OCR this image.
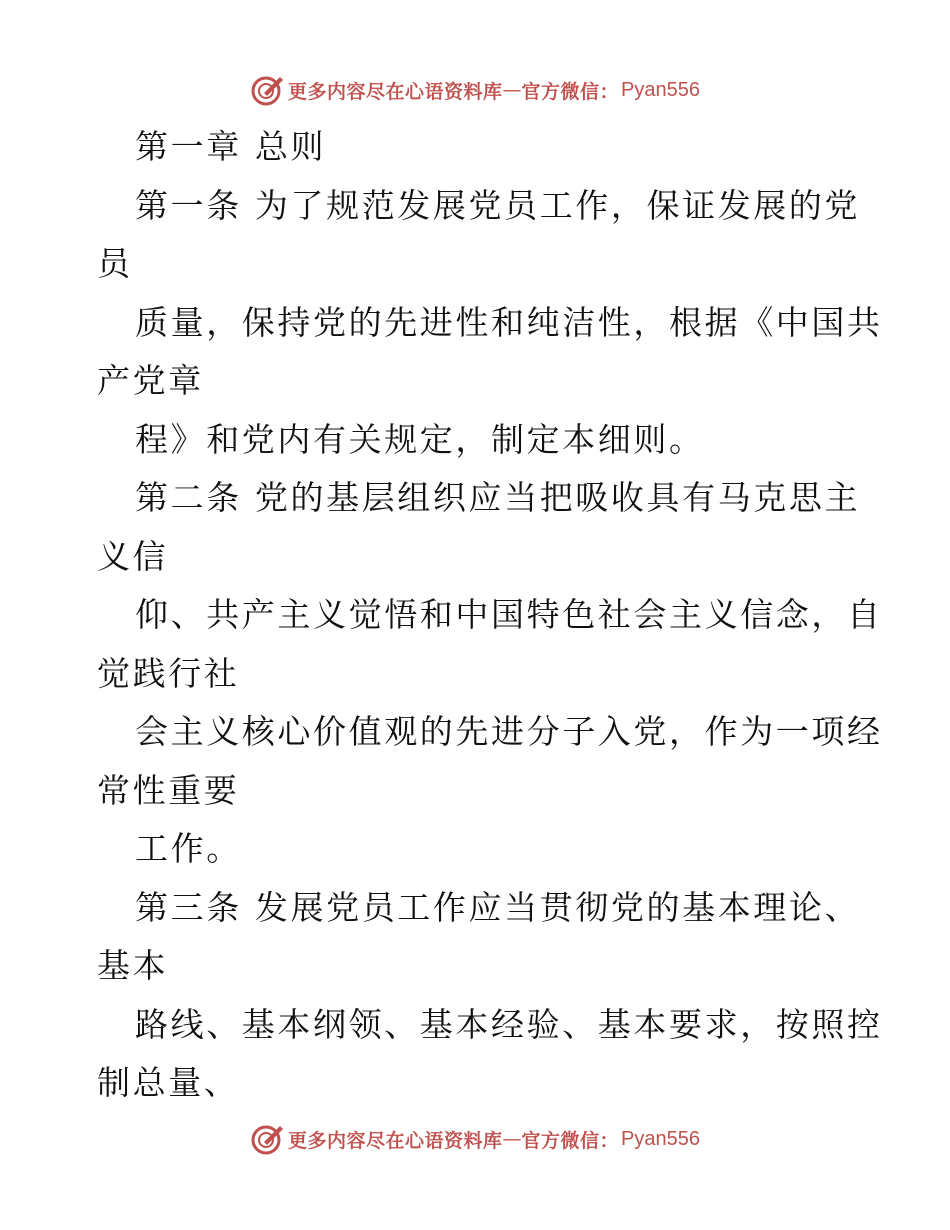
更多内容尽在心语资料库 — 官方微信： Pyan556
第一章 总则
第一条 为了规范发展党员工作，保证发展的党
员
质量，保持党的先进性和纯洁性，根据《中国共
产党章
程》和党内有关规定，制定本细则。
第二条 党的基层组织应当把吸收具有马克思主
义信
仰、共产主义觉悟和中国特色社会主义信念，自
觉践行社
会主义核心价值观的先进分子入党，作为一项经
常性重要
工作。
第三条 发展党员工作应当贯彻党的基本理论、
基本
路线、基本纲领、基本经验、基本要求，按照控
制总量、
更多内容尽在心语资料库 — 官方微信： Pyan556
